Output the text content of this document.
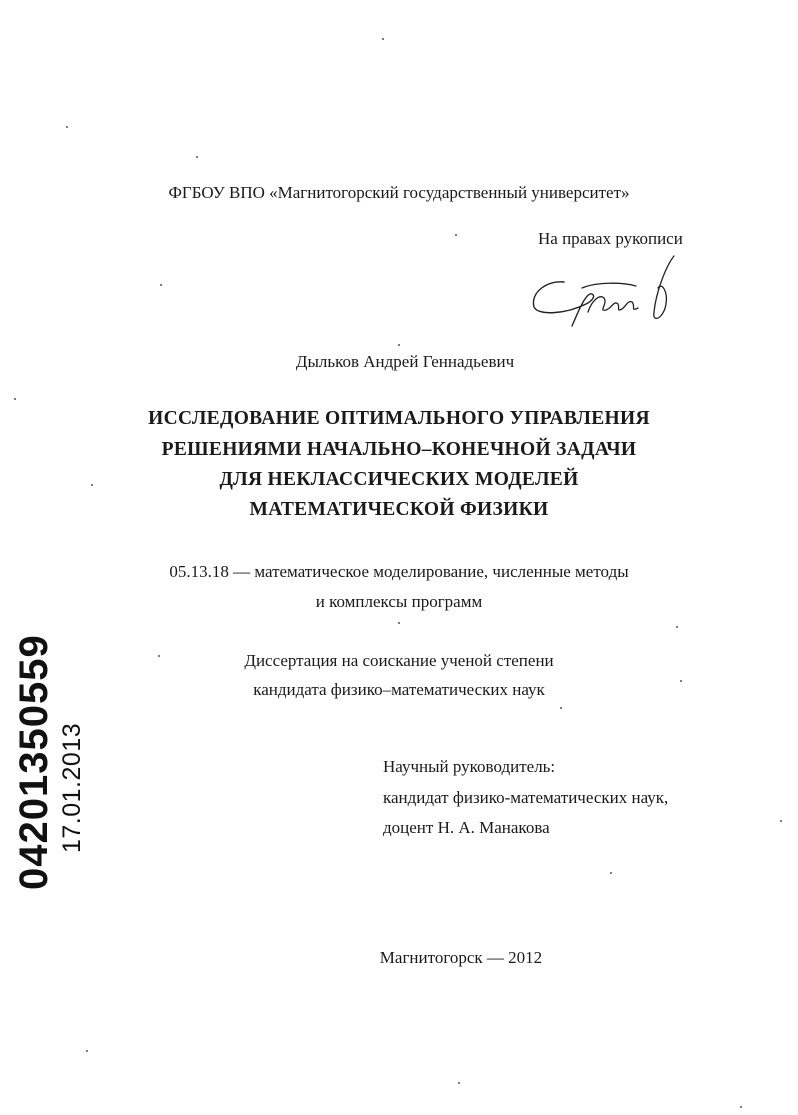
ФГБОУ ВПО «Магнитогорский государственный университет»
На правах рукописи
Дыльков Андрей Геннадьевич
ИССЛЕДОВАНИЕ ОПТИМАЛЬНОГО УПРАВЛЕНИЯ
РЕШЕНИЯМИ НАЧАЛЬНО–КОНЕЧНОЙ ЗАДАЧИ
ДЛЯ НЕКЛАССИЧЕСКИХ МОДЕЛЕЙ
МАТЕМАТИЧЕСКОЙ ФИЗИКИ
05.13.18 — математическое моделирование, численные методы
и комплексы программ
Диссертация на соискание ученой степени
кандидата физико–математических наук
Научный руководитель:
кандидат физико-математических наук,
доцент Н. А. Манакова
Магнитогорск — 2012
04201350559 17.01.2013
